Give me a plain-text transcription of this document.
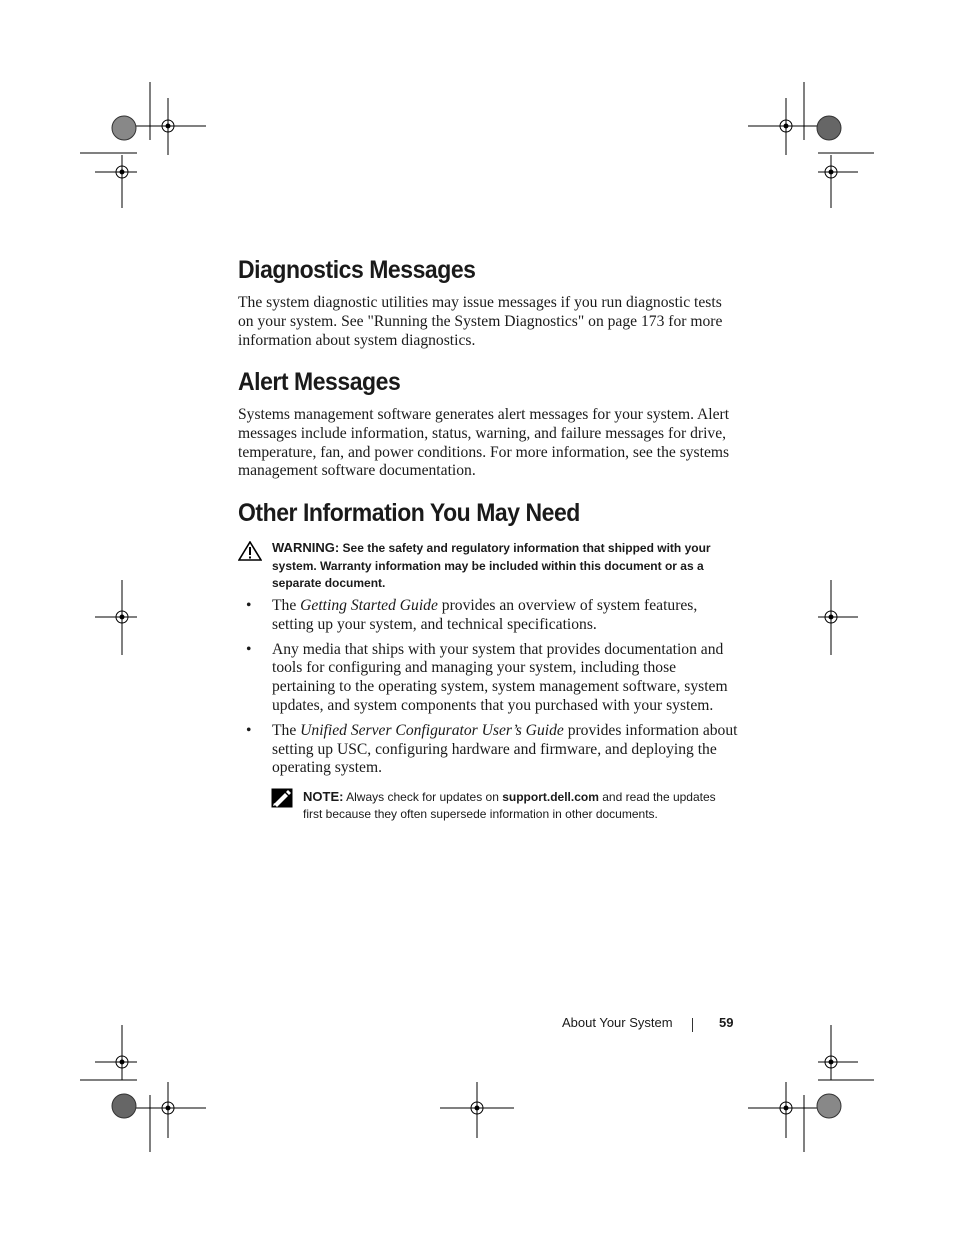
Diagnostics Messages

The system diagnostic utilities may issue messages if you run diagnostic tests on your system. See "Running the System Diagnostics" on page 173 for more information about system diagnostics.

Alert Messages

Systems management software generates alert messages for your system. Alert messages include information, status, warning, and failure messages for drive, temperature, fan, and power conditions. For more information, see the systems management software documentation.

Other Information You May Need
WARNING: See the safety and regulatory information that shipped with your system. Warranty information may be included within this document or as a separate document.
• The Getting Started Guide provides an overview of system features, setting up your system, and technical specifications.
• Any media that ships with your system that provides documentation and tools for configuring and managing your system, including those pertaining to the operating system, system management software, system updates, and system components that you purchased with your system.
• The Unified Server Configurator User’s Guide provides information about setting up USC, configuring hardware and firmware, and deploying the operating system.
NOTE: Always check for updates on support.dell.com and read the updates first because they often supersede information in other documents.
About Your System	59
